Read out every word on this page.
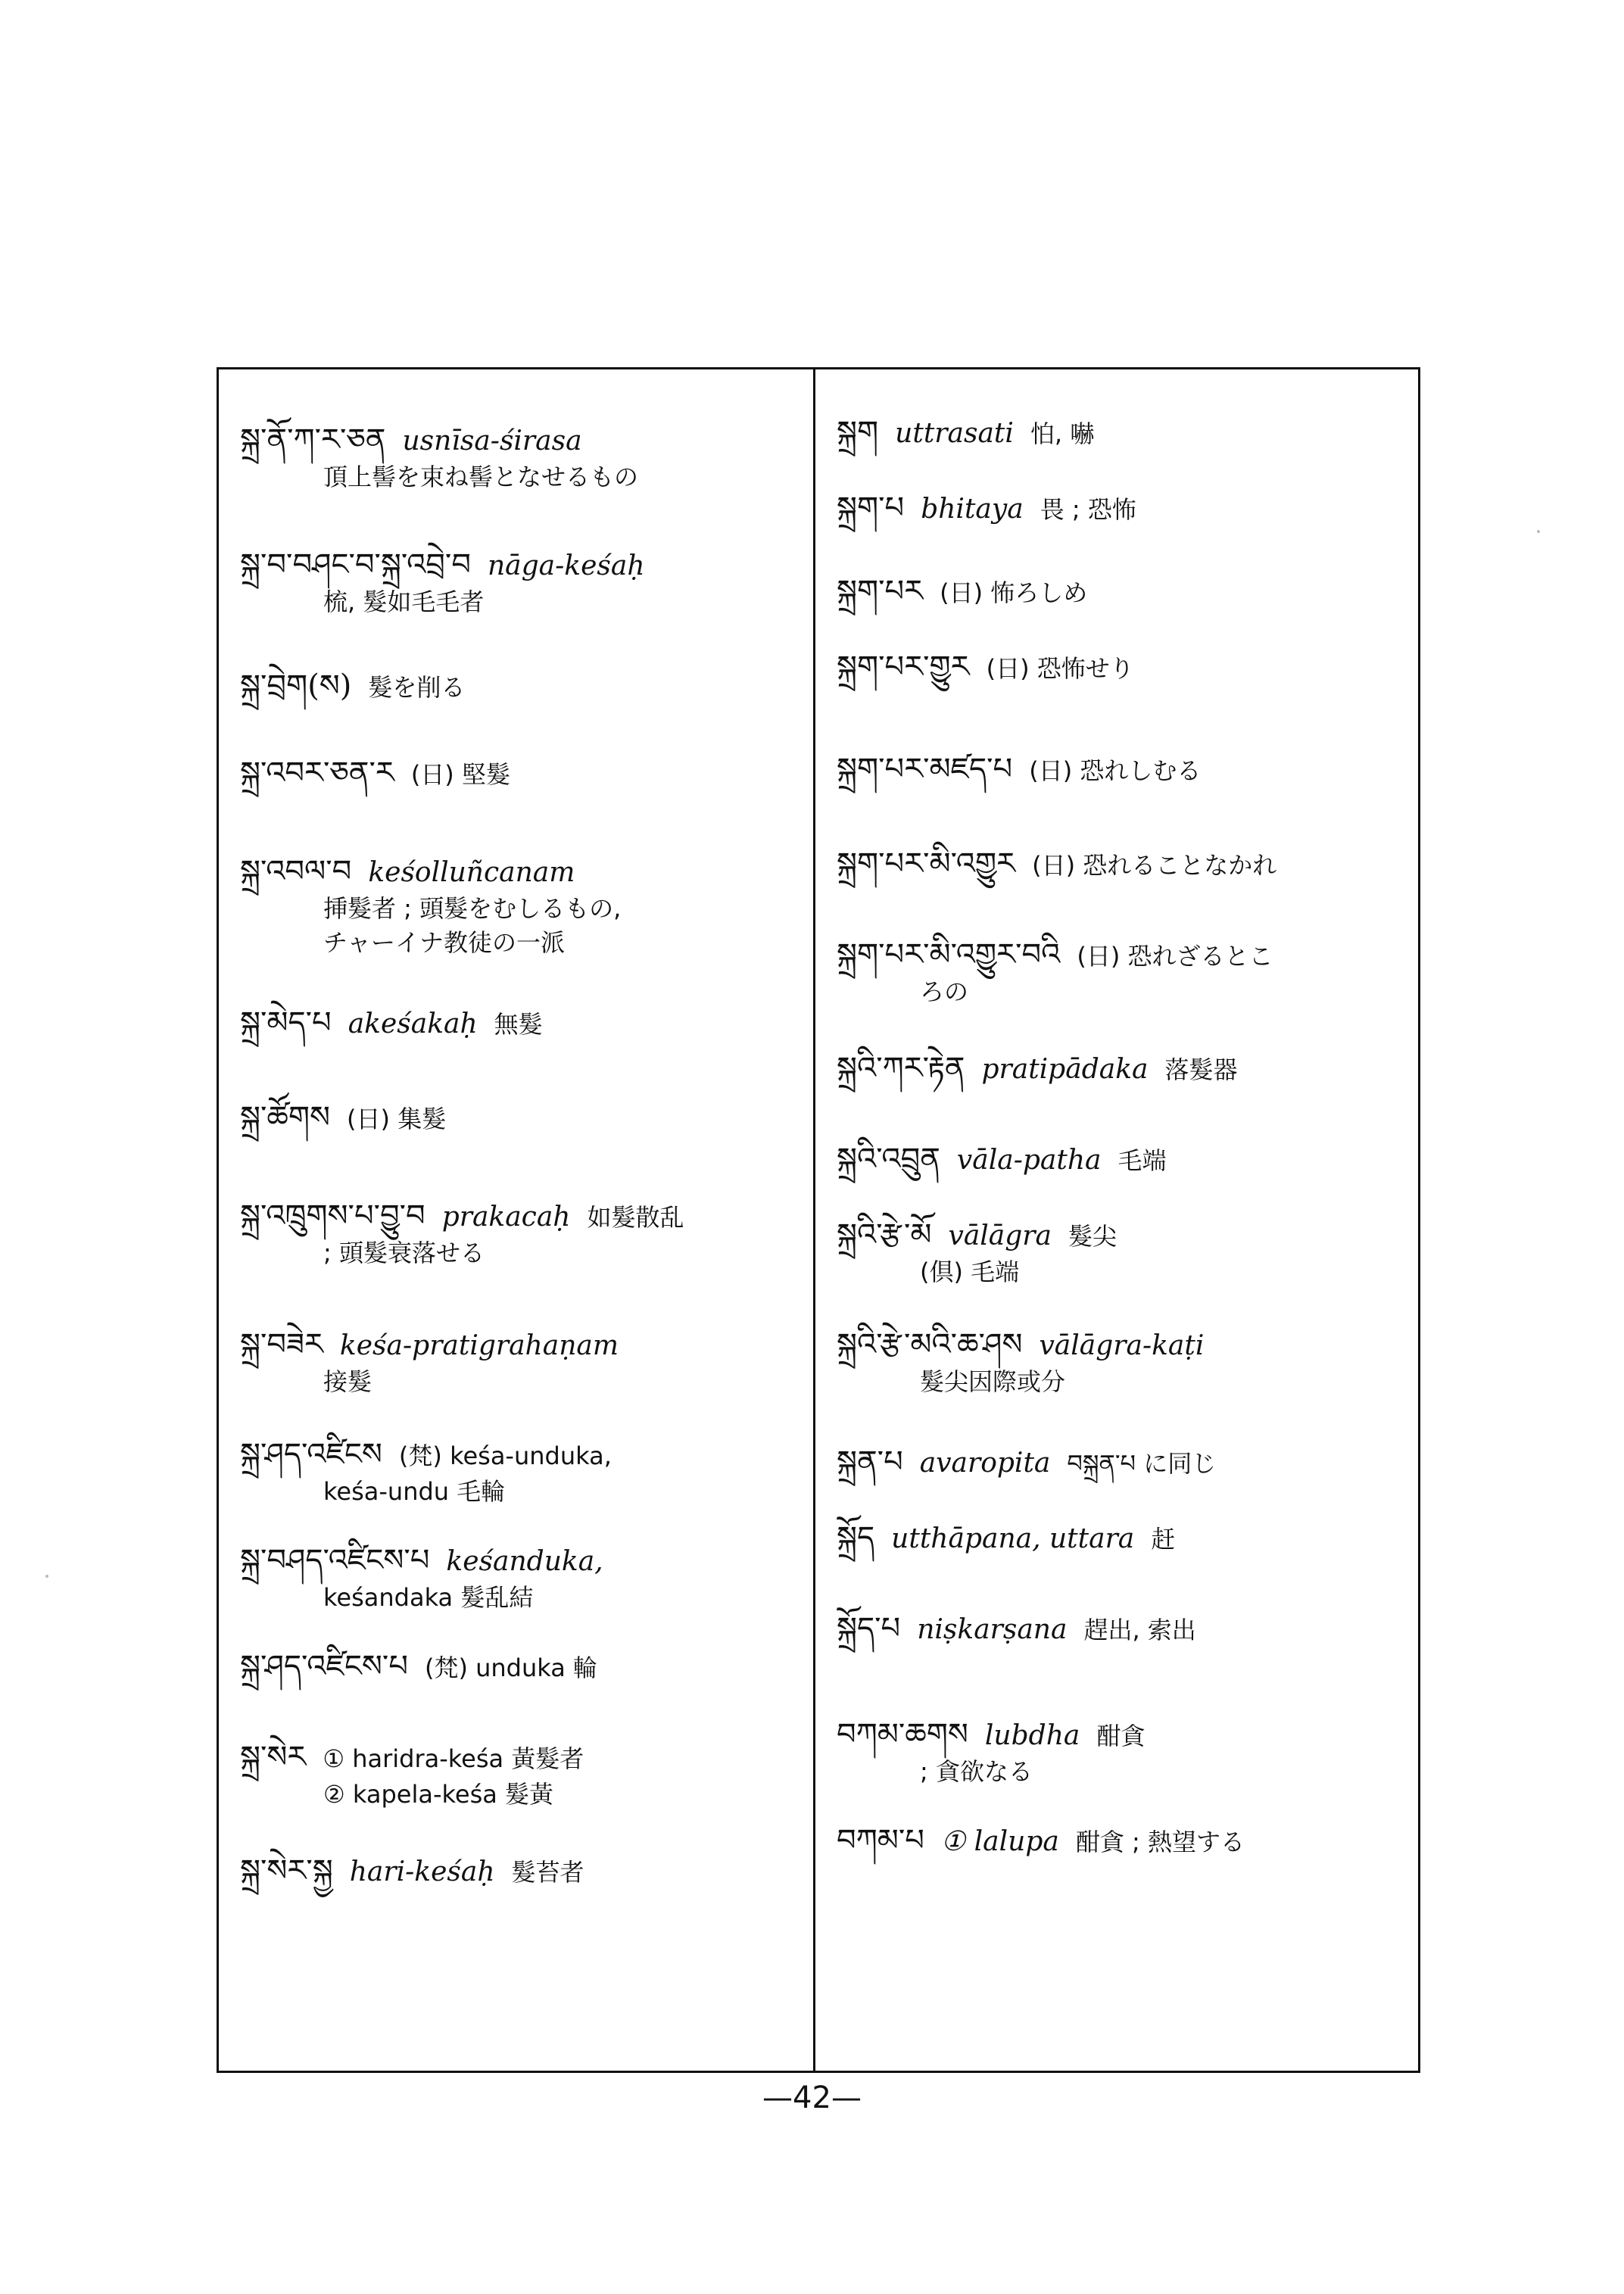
སྐྲ་ནོ་ཀ་ར་ཅན usnīsa-śirasa
頂上髻を束ね髻となせるもの
སྐྲ་བ་བཤང་བ་སྐྲ་འབྲེ་བ nāga-keśaḥ
梳, 髮如毛毛者
སྐྲ་བྲེག(ས) 髮を削る
སྐྲ་འབར་ཅན་ར (日) 堅髮
སྐྲ་འབལ་བ keśolluñcanam
挿髮者 ; 頭髮をむしるもの,
チャーイナ教徒の一派
སྐྲ་མེད་པ akeśakaḥ 無髮
སྐྲ་ཚོགས (日) 集髮
སྐྲ་འཁྲུགས་པ་བྱུ་བ prakacaḥ 如髮散乱
; 頭髮衰落せる
སྐྲ་བཟེར keśa-pratigrahaṇam
接髮
སྐྲ་ཤད་འཛིངས (梵) keśa-unduka,
keśa-undu 毛輪
སྐྲ་བཤད་འཛིངས་པ keśanduka,
keśandaka 髮乱結
སྐྲ་ཤད་འཛིངས་པ (梵) unduka 輪
སྐྲ་སེར ① haridra-keśa 黃髮者
② kapela-keśa 髮黃
སྐྲ་སེར་སྐྱ hari-keśaḥ 髮苔者
སྐྲག uttrasati 怕, 嚇
སྐྲག་པ bhitaya 畏 ; 恐怖
སྐྲག་པར (日) 怖ろしめ
སྐྲག་པར་གྱུར (日) 恐怖せり
སྐྲག་པར་མཛད་པ (日) 恐れしむる
སྐྲག་པར་མི་འགྱུར (日) 恐れることなかれ
སྐྲག་པར་མི་འགྱུར་བའི (日) 恐れざるとこ
ろの
སྐྲའི་ཀར་རྟེན pratipādaka 落髮器
སྐྲའི་འབྲུན vāla-patha 毛端
སྐྲའི་རྩེ་མོ vālāgra 髮尖
(倶) 毛端
སྐྲའི་རྩེ་མའི་ཆ་ཤས vālāgra-kaṭi
髮尖因際或分
སྐྲན་པ avaropita བསྐྲན་པ に同じ
སྐྲོད utthāpana, uttara 赶
སྐྲོད་པ niṣkarṣana 趕出, 索出
བཀམ་ཆགས lubdha 酣貪
; 貪欲なる
བཀམ་པ ① lalupa 酣貪 ; 熱望する
—42—
